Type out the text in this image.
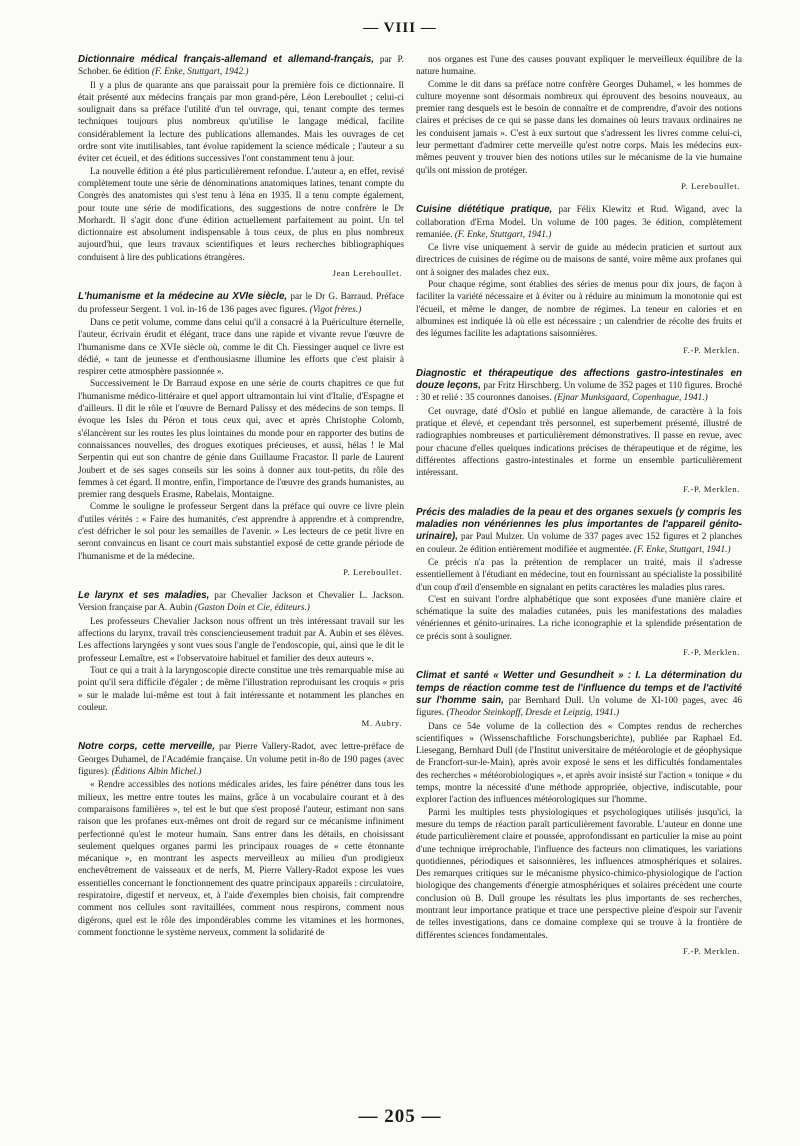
— VIII —

Dictionnaire médical français-allemand et allemand-français, par P. Schober. 6e édition (F. Enke, Stuttgart, 1942.)

Il y a plus de quarante ans que paraissait pour la première fois ce dictionnaire. Il était présenté aux médecins français par mon grand-père, Léon Lereboullet ; celui-ci soulignait dans sa préface l'utilité d'un tel ouvrage, qui, tenant compte des termes techniques toujours plus nombreux qu'utilise le langage médical, facilite considérablement la lecture des publications allemandes. Mais les ouvrages de cet ordre sont vite inutilisables, tant évolue rapidement la science médicale ; l'auteur a su éviter cet écueil, et des éditions successives l'ont constamment tenu à jour.

La nouvelle édition a été plus particulièrement refondue. L'auteur a, en effet, revisé complètement toute une série de dénominations anatomiques latines, tenant compte du Congrès des anatomistes qui s'est tenu à Iéna en 1935. Il a tenu compte également, pour toute une série de modifications, des suggestions de notre confrère le Dr Morhardt. Il s'agit donc d'une édition actuellement parfaitement au point. Un tel dictionnaire est absolument indispensable à tous ceux, de plus en plus nombreux aujourd'hui, que leurs travaux scientifiques et leurs recherches bibliographiques conduisent à lire des publications étrangères.

Jean Lereboullet.

L'humanisme et la médecine au XVIe siècle, par le Dr G. Barraud. Préface du professeur Sergent. 1 vol. in-16 de 136 pages avec figures. (Vigot frères.)

Dans ce petit volume, comme dans celui qu'il a consacré à la Puériculture éternelle, l'auteur, écrivain érudit et élégant, trace dans une rapide et vivante revue l'œuvre de l'humanisme dans ce XVIe siècle où, comme le dit Ch. Fiessinger auquel ce livre est dédié, « tant de jeunesse et d'enthousiasme illumine les efforts que c'est plaisir à respirer cette atmosphère passionnée ».

Successivement le Dr Barraud expose en une série de courts chapitres ce que fut l'humanisme médico-littéraire et quel apport ultramontain lui vint d'Italie, d'Espagne et d'ailleurs. Il dit le rôle et l'œuvre de Bernard Palissy et des médecins de son temps. Il évoque les Isles du Péron et tous ceux qui, avec et après Christophe Colomb, s'élancèrent sur les routes les plus lointaines du monde pour en rapporter des butins de connaissances nouvelles, des drogues exotiques précieuses, et aussi, hélas ! le Mal Serpentin qui eut son chantre de génie dans Guillaume Fracastor. Il parle de Laurent Joubert et de ses sages conseils sur les soins à donner aux tout-petits, du rôle des femmes à cet égard. Il montre, enfin, l'importance de l'œuvre des grands humanistes, au premier rang desquels Erasme, Rabelais, Montaigne.

Comme le souligne le professeur Sergent dans la préface qui ouvre ce livre plein d'utiles vérités : « Faire des humanités, c'est apprendre à apprendre et à comprendre, c'est défricher le sol pour les semailles de l'avenir. » Les lecteurs de ce petit livre en seront convaincus en lisant ce court mais substantiel exposé de cette grande période de l'humanisme et de la médecine.

P. Lereboullet.

Le larynx et ses maladies, par Chevalier Jackson et Chevalier L. Jackson. Version française par A. Aubin (Gaston Doin et Cie, éditeurs.)

Les professeurs Chevalier Jackson nous offrent un très intéressant travail sur les affections du larynx, travail très consciencieusement traduit par A. Aubin et ses élèves. Les affections laryngées y sont vues sous l'angle de l'endoscopie, qui, ainsi que le dit le professeur Lemaître, est « l'observatoire habituel et familier des deux auteurs ».

Tout ce qui a trait à la laryngoscopie directe constitue une très remarquable mise au point qu'il sera difficile d'égaler ; de même l'illustration reproduisant les croquis « pris » sur le malade lui-même est tout à fait intéressante et notamment les planches en couleur.

M. Aubry.

Notre corps, cette merveille, par Pierre Vallery-Radot, avec lettre-préface de Georges Duhamel, de l'Académie française. Un volume petit in-8o de 190 pages (avec figures). (Éditions Albin Michel.)

« Rendre accessibles des notions médicales arides, les faire pénétrer dans tous les milieux, les mettre entre toutes les mains, grâce à un vocabulaire courant et à des comparaisons familières », tel est le but que s'est proposé l'auteur, estimant non sans raison que les profanes eux-mêmes ont droit de regard sur ce mécanisme infiniment perfectionné qu'est le moteur humain. Sans entrer dans les détails, en choisissant seulement quelques organes parmi les principaux rouages de « cette étonnante mécanique », en montrant les aspects merveilleux au milieu d'un prodigieux enchevêtrement de vaisseaux et de nerfs, M. Pierre Vallery-Radot expose les vues essentielles concernant le fonctionnement des quatre principaux appareils : circulatoire, respiratoire, digestif et nerveux, et, à l'aide d'exemples bien choisis, fait comprendre comment nos cellules sont ravitaillées, comment nous respirons, comment nous digérons, quel est le rôle des impondérables comme les vitamines et les hormones, comment fonctionne le système nerveux, comment la solidarité de

nos organes est l'une des causes pouvant expliquer le merveilleux équilibre de la nature humaine.

Comme le dit dans sa préface notre confrère Georges Duhamel, « les hommes de culture moyenne sont désormais nombreux qui éprouvent des besoins nouveaux, au premier rang desquels est le besoin de connaître et de comprendre, d'avoir des notions claires et précises de ce qui se passe dans les domaines où leurs travaux ordinaires ne les conduisent jamais ». C'est à eux surtout que s'adressent les livres comme celui-ci, leur permettant d'admirer cette merveille qu'est notre corps. Mais les médecins eux-mêmes peuvent y trouver bien des notions utiles sur le mécanisme de la vie humaine qu'ils ont mission de protéger.

P. Lereboullet.

Cuisine diététique pratique, par Félix Klewitz et Rud. Wigand, avec la collaboration d'Erna Model. Un volume de 100 pages. 3e édition, complètement remaniée. (F. Enke, Stuttgart, 1941.)

Ce livre vise uniquement à servir de guide au médecin praticien et surtout aux directrices de cuisines de régime ou de maisons de santé, voire même aux profanes qui ont à soigner des malades chez eux.

Pour chaque régime, sont établies des séries de menus pour dix jours, de façon à faciliter la variété nécessaire et à éviter ou à réduire au minimum la monotonie qui est l'écueil, et même le danger, de nombre de régimes. La teneur en calories et en albumines est indiquée là où elle est nécessaire ; un calendrier de récolte des fruits et des légumes facilite les adaptations saisonnières.

F.-P. Merklen.

Diagnostic et thérapeutique des affections gastro-intestinales en douze leçons, par Fritz Hirschberg. Un volume de 352 pages et 110 figures. Broché : 30 et relié : 35 couronnes danoises. (Ejnar Munksgaard, Copenhague, 1941.)

Cet ouvrage, daté d'Oslo et publié en langue allemande, de caractère à la fois pratique et élevé, et cependant très personnel, est superbement présenté, illustré de radiographies nombreuses et particulièrement démonstratives. Il passe en revue, avec pour chacune d'elles quelques indications précises de thérapeutique et de régime, les différentes affections gastro-intestinales et forme un ensemble particulièrement intéressant.

F.-P. Merklen.

Précis des maladies de la peau et des organes sexuels (y compris les maladies non vénériennes les plus importantes de l'appareil génito-urinaire), par Paul Mulzer. Un volume de 337 pages avec 152 figures et 2 planches en couleur. 2e édition entièrement modifiée et augmentée. (F. Enke, Stuttgart, 1941.)

Ce précis n'a pas la prétention de remplacer un traité, mais il s'adresse essentiellement à l'étudiant en médecine, tout en fournissant au spécialiste la possibilité d'un coup d'œil d'ensemble en signalant en petits caractères les maladies plus rares.

C'est en suivant l'ordre alphabétique que sont exposées d'une manière claire et schématique la suite des maladies cutanées, puis les manifestations des maladies vénériennes et génito-urinaires. La riche iconographie et la splendide présentation de ce précis sont à souligner.

F.-P. Merklen.

Climat et santé « Wetter und Gesundheit » : I. La détermination du temps de réaction comme test de l'influence du temps et de l'activité sur l'homme sain, par Bernhard Dull. Un volume de XI-100 pages, avec 46 figures. (Theodor Steinkopff, Dresde et Leipzig, 1941.)

Dans ce 54e volume de la collection des « Comptes rendus de recherches scientifiques » (Wissenschaftliche Forschungsberichte), publiée par Raphael Ed. Liesegang, Bernhard Dull (de l'Institut universitaire de météorologie et de géophysique de Francfort-sur-le-Main), après avoir exposé le sens et les difficultés fondamentales des recherches « météorobiologiques », et après avoir insisté sur l'action « tonique » du temps, montre la nécessité d'une méthode appropriée, objective, indiscutable, pour explorer l'action des influences météorologiques sur l'homme.

Parmi les multiples tests physiologiques et psychologiques utilisés jusqu'ici, la mesure du temps de réaction paraît particulièrement favorable. L'auteur en donne une étude particulièrement claire et poussée, approfondissant en particulier la mise au point d'une technique irréprochable, l'influence des facteurs non climatiques, les variations quotidiennes, périodiques et saisonnières, les influences atmosphériques et solaires. Des remarques critiques sur le mécanisme physico-chimico-physiologique de l'action biologique des changements d'énergie atmosphériques et solaires précèdent une courte conclusion où B. Dull groupe les résultats les plus importants de ses recherches, montrant leur importance pratique et trace une perspective pleine d'espoir sur l'avenir de telles investigations, dans ce domaine complexe qui se trouve à la frontière de différentes sciences fondamentales.

F.-P. Merklen.

— 205 —
